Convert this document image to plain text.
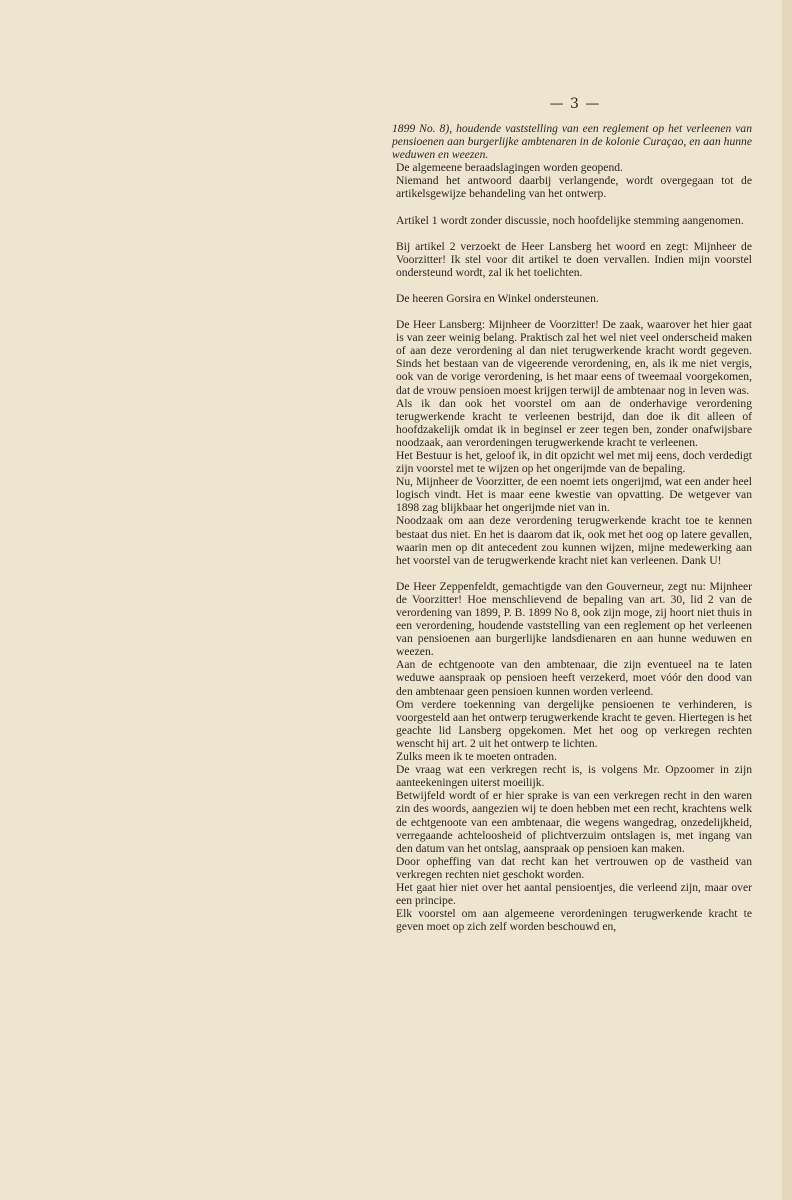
— 3 —

1899 No. 8), houdende vaststelling van een reglement op het verleenen van pensioenen aan burgerlijke ambtenaren in de kolonie Curaçao, en aan hunne weduwen en weezen.

De algemeene beraadslagingen worden geopend.

Niemand het antwoord daarbij verlangende, wordt overgegaan tot de artikelsgewijze behandeling van het ontwerp.

Artikel 1 wordt zonder discussie, noch hoofdelijke stemming aangenomen.

Bij artikel 2 verzoekt de Heer Lansberg het woord en zegt: Mijnheer de Voorzitter! Ik stel voor dit artikel te doen vervallen. Indien mijn voorstel ondersteund wordt, zal ik het toelichten.

De heeren Gorsira en Winkel ondersteunen.

De Heer Lansberg: Mijnheer de Voorzitter! De zaak, waarover het hier gaat is van zeer weinig belang. Praktisch zal het wel niet veel onderscheid maken of aan deze verordening al dan niet terugwerkende kracht wordt gegeven. Sinds het bestaan van de vigeerende verordening, en, als ik me niet vergis, ook van de vorige verordening, is het maar eens of tweemaal voorgekomen, dat de vrouw pensioen moest krijgen terwijl de ambtenaar nog in leven was.

Als ik dan ook het voorstel om aan de onderhavige verordening terugwerkende kracht te verleenen bestrijd, dan doe ik dit alleen of hoofdzakelijk omdat ik in beginsel er zeer tegen ben, zonder onafwijsbare noodzaak, aan verordeningen terugwerkende kracht te verleenen.

Het Bestuur is het, geloof ik, in dit opzicht wel met mij eens, doch verdedigt zijn voorstel met te wijzen op het ongerijmde van de bepaling.

Nu, Mijnheer de Voorzitter, de een noemt iets ongerijmd, wat een ander heel logisch vindt. Het is maar eene kwestie van opvatting. De wetgever van 1898 zag blijkbaar het ongerijmde niet van in.

Noodzaak om aan deze verordening terugwerkende kracht toe te kennen bestaat dus niet. En het is daarom dat ik, ook met het oog op latere gevallen, waarin men op dit antecedent zou kunnen wijzen, mijne medewerking aan het voorstel van de terugwerkende kracht niet kan verleenen. Dank U!

De Heer Zeppenfeldt, gemachtigde van den Gouverneur, zegt nu: Mijnheer de Voorzitter! Hoe menschlievend de bepaling van art. 30, lid 2 van de verordening van 1899, P. B. 1899 No 8, ook zijn moge, zij hoort niet thuis in een verordening, houdende vaststelling van een reglement op het verleenen van pensioenen aan burgerlijke landsdienaren en aan hunne weduwen en weezen.

Aan de echtgenoote van den ambtenaar, die zijn eventueel na te laten weduwe aanspraak op pensioen heeft verzekerd, moet vóór den dood van den ambtenaar geen pensioen kunnen worden verleend.

Om verdere toekenning van dergelijke pensioenen te verhinderen, is voorgesteld aan het ontwerp terugwerkende kracht te geven. Hiertegen is het geachte lid Lansberg opgekomen. Met het oog op verkregen rechten wenscht hij art. 2 uit het ontwerp te lichten.

Zulks meen ik te moeten ontraden.

De vraag wat een verkregen recht is, is volgens Mr. Opzoomer in zijn aanteekeningen uiterst moeilijk.

Betwijfeld wordt of er hier sprake is van een verkregen recht in den waren zin des woords, aangezien wij te doen hebben met een recht, krachtens welk de echtgenoote van een ambtenaar, die wegens wangedrag, onzedelijkheid, verregaande achteloosheid of plichtverzuim ontslagen is, met ingang van den datum van het ontslag, aanspraak op pensioen kan maken.

Door opheffing van dat recht kan het vertrouwen op de vastheid van verkregen rechten niet geschokt worden.

Het gaat hier niet over het aantal pensioentjes, die verleend zijn, maar over een principe.

Elk voorstel om aan algemeene verordeningen terugwerkende kracht te geven moet op zich zelf worden beschouwd en,
